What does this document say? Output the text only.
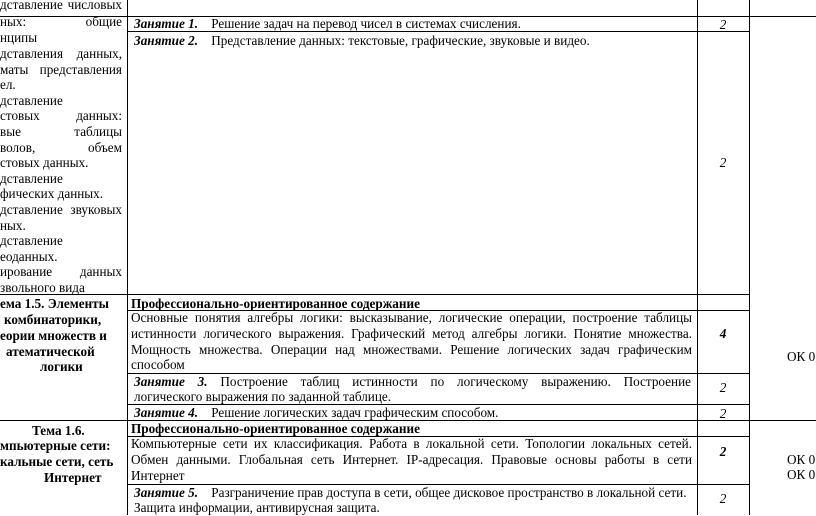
дставление числовых
ных: общие
нципы
дставления данных,
маты представления
ел.
дставление
стовых данных:
вые таблицы
волов, объем
стовых данных.
дставление
фических данных.
дставление звуковых
ных.
дставление
еоданных.
ирование данных
звольного вида
ема 1.5. Элементы
комбинаторики,
еории множеств и
атематической
логики
Тема 1.6.
мпьютерные сети:
кальные сети, сеть
Интернет
Занятие 1. Решение задач на перевод чисел в системах счисления.	2
Занятие 2. Представление данных: текстовые, графические, звуковые и видео.
2
Профессионально-ориентированное содержание
Основные понятия алгебры логики: высказывание, логические операции, построение таблицы
истинности логического выражения. Графический метод алгебры логики. Понятие множества.
Мощность множества. Операции над множествами. Решение логических задач графическим
способом
4
Занятие 3. Построение таблиц истинности по логическому выражению. Построение
логического выражения по заданной таблице.
2
Занятие 4. Решение логических задач графическим способом.	2
Профессионально-ориентированное содержание
Компьютерные сети их классификация. Работа в локальной сети. Топологии локальных сетей.
Обмен данными. Глобальная сеть Интернет. IP-адресация. Правовые основы работы в сети
Интернет
2
Занятие 5. Разграничение прав доступа в сети, общее дисковое пространство в локальной сети.
Защита информации, антивирусная защита.
2
ОК 0
ОК 0
ОК 0
